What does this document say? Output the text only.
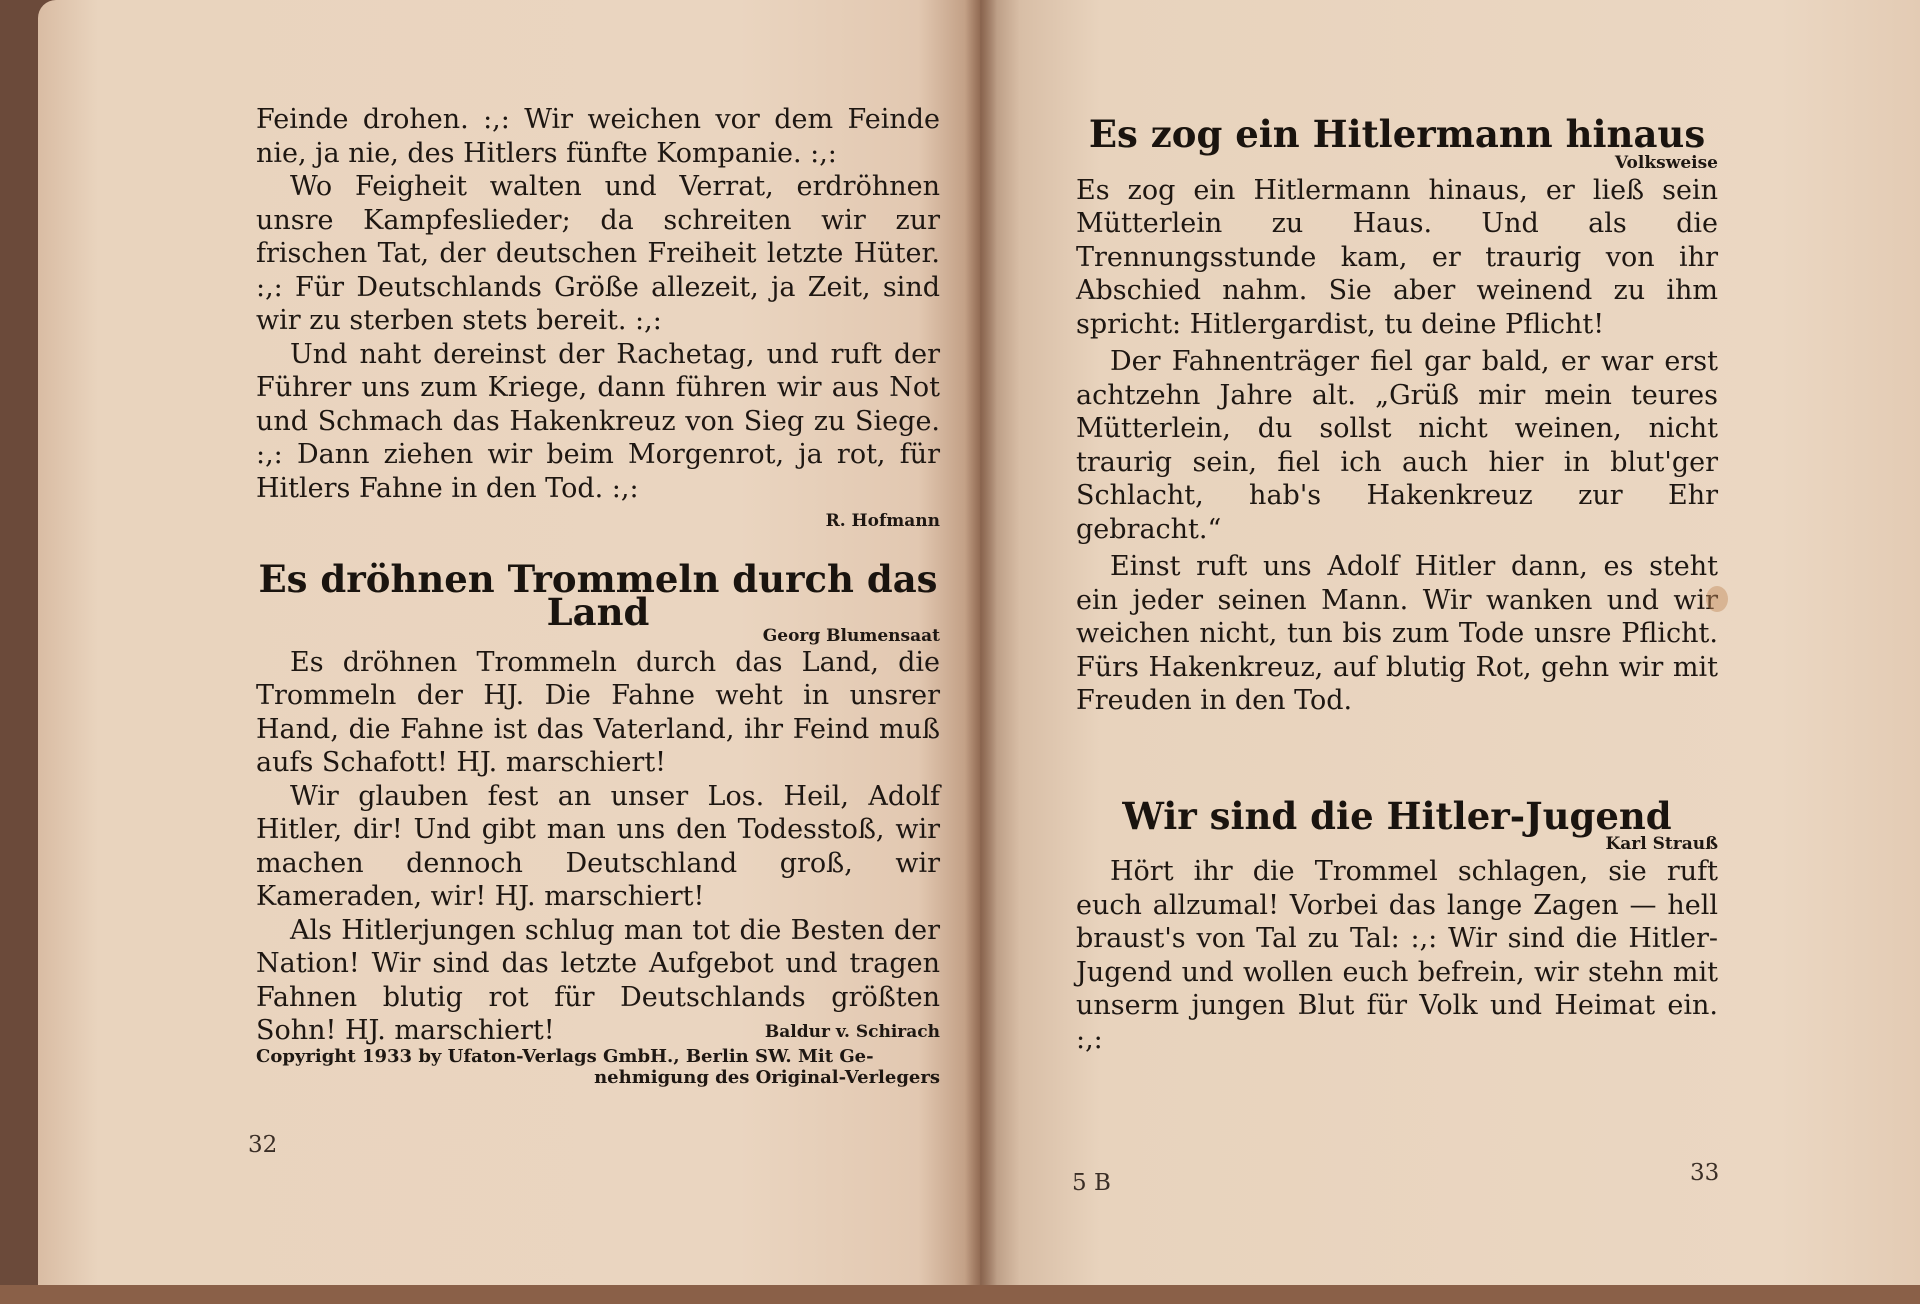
Feinde drohen. :,: Wir weichen vor dem Feinde nie, ja nie, des Hitlers fünfte Kompanie. :,:

Wo Feigheit walten und Verrat, erdröhnen unsre Kampfeslieder; da schreiten wir zur frischen Tat, der deutschen Freiheit letzte Hüter. :,: Für Deutschlands Größe allezeit, ja Zeit, sind wir zu sterben stets bereit. :,:

Und naht dereinst der Rachetag, und ruft der Führer uns zum Kriege, dann führen wir aus Not und Schmach das Hakenkreuz von Sieg zu Siege. :,: Dann ziehen wir beim Morgenrot, ja rot, für Hitlers Fahne in den Tod. :,:

R. Hofmann

Es dröhnen Trommeln durch das Land

Georg Blumensaat

Es dröhnen Trommeln durch das Land, die Trommeln der HJ. Die Fahne weht in unsrer Hand, die Fahne ist das Vaterland, ihr Feind muß aufs Schafott! HJ. marschiert!

Wir glauben fest an unser Los. Heil, Adolf Hitler, dir! Und gibt man uns den Todesstoß, wir machen dennoch Deutschland groß, wir Kameraden, wir! HJ. marschiert!

Als Hitlerjungen schlug man tot die Besten der Nation! Wir sind das letzte Aufgebot und tragen Fahnen blutig rot für Deutschlands größten Sohn! HJ. marschiert!	Baldur v. Schirach

Copyright 1933 by Ufaton-Verlags GmbH., Berlin SW. Mit Ge-
nehmigung des Original-Verlegers
32
Es zog ein Hitlermann hinaus

Volksweise

Es zog ein Hitlermann hinaus, er ließ sein Mütterlein zu Haus. Und als die Trennungsstunde kam, er traurig von ihr Abschied nahm. Sie aber weinend zu ihm spricht: Hitlergardist, tu deine Pflicht!

Der Fahnenträger fiel gar bald, er war erst achtzehn Jahre alt. „Grüß mir mein teures Mütterlein, du sollst nicht weinen, nicht traurig sein, fiel ich auch hier in blut'ger Schlacht, hab's Hakenkreuz zur Ehr gebracht.“

Einst ruft uns Adolf Hitler dann, es steht ein jeder seinen Mann. Wir wanken und wir weichen nicht, tun bis zum Tode unsre Pflicht. Fürs Hakenkreuz, auf blutig Rot, gehn wir mit Freuden in den Tod.

Wir sind die Hitler-Jugend

Karl Strauß

Hört ihr die Trommel schlagen, sie ruft euch allzumal! Vorbei das lange Zagen — hell braust's von Tal zu Tal: :,: Wir sind die Hitler-Jugend und wollen euch befrein, wir stehn mit unserm jungen Blut für Volk und Heimat ein. :,:

5 B	33
